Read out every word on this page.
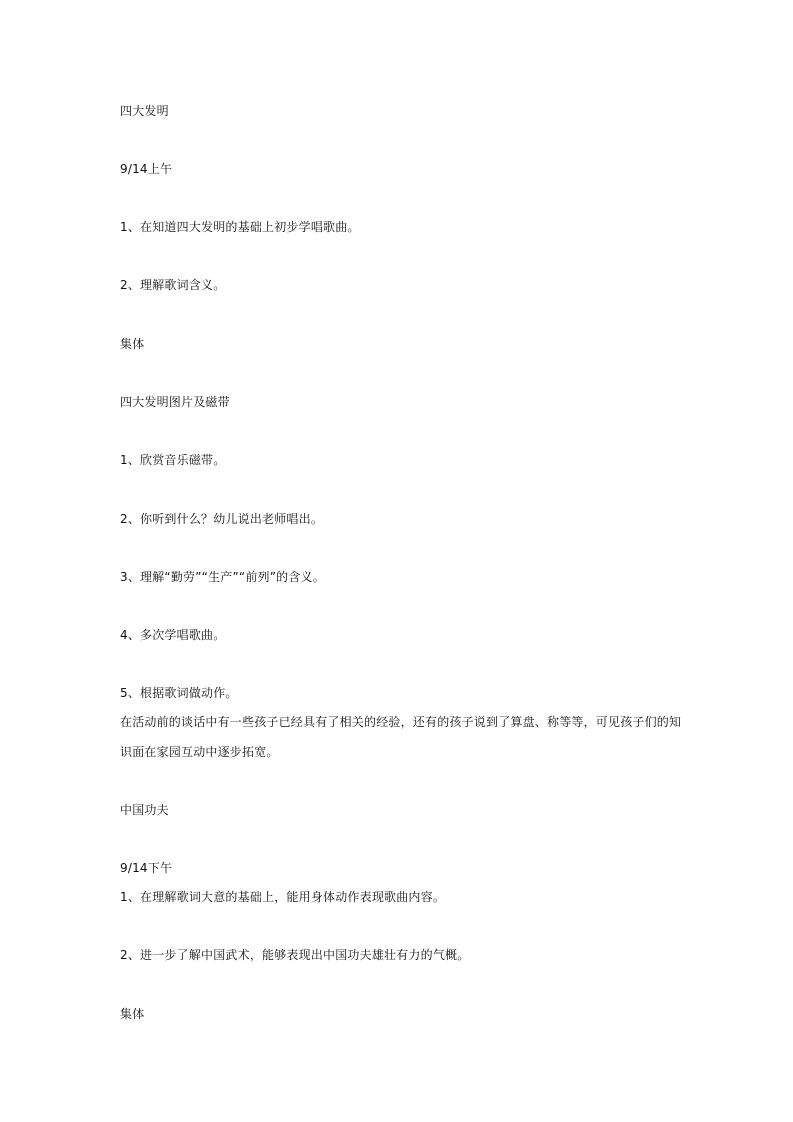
四大发明
9/14上午
1、在知道四大发明的基础上初步学唱歌曲。
2、理解歌词含义。
集体
四大发明图片及磁带
1、欣赏音乐磁带。
2、你听到什么？幼儿说出老师唱出。
3、理解“勤劳”“生产”“前列”的含义。
4、多次学唱歌曲。
5、根据歌词做动作。
在活动前的谈话中有一些孩子已经具有了相关的经验，还有的孩子说到了算盘、称等等，可见孩子们的知
识面在家园互动中逐步拓宽。
中国功夫
9/14下午
1、在理解歌词大意的基础上，能用身体动作表现歌曲内容。
2、进一步了解中国武术，能够表现出中国功夫雄壮有力的气概。
集体
